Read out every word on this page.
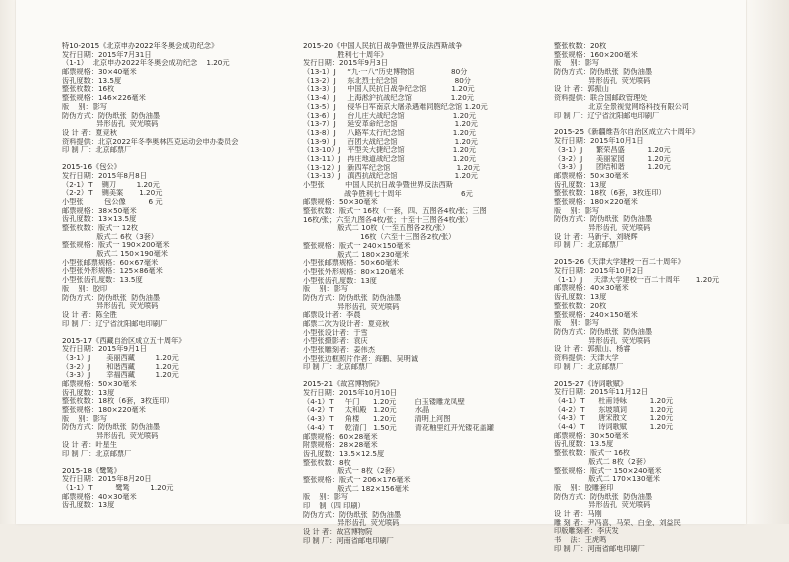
特10-2015《北京申办2022年冬奥会成功纪念》
发行日期：2015年7月31日
（1-1）  北京申办2022年冬奥会成功纪念    1.20元
邮票规格：30×40毫米
齿孔度数：13.5度
整张枚数：16枚
整张规格：146×226毫米
版    别：影写
防伪方式：防伪纸张  防伪油墨
异形齿孔  荧光喷码
设 计 者：夏竞秋
资料提供：北京2022年冬季奥林匹克运动会申办委员会
印 制 厂：北京邮票厂
2015-16《包公》
发行日期：2015年8月8日
（2-1）T    铡刀         1.20元
（2-2）T    铡美案       1.20元
小型张         包公像          6 元
邮票规格：38×50毫米
齿孔度数：13×13.5度
整张枚数：版式一 12枚
版式二 6枚（3套）
整张规格：版式一 190×200毫米
版式二 150×190毫米
小型张邮票规格：60×67毫米
小型张外形规格：125×86毫米
小型张齿孔度数：13.5度
版    别：胶印
防伪方式：防伪纸张  防伪油墨
异形齿孔  荧光喷码
设 计 者：陈全胜
印 制 厂：辽宁省沈阳邮电印刷厂
2015-17《西藏自治区成立五十周年》
发行日期：2015年9月1日
（3-1）J       美丽西藏         1.20元
（3-2）J       和谐西藏         1.20元
（3-3）J       幸福西藏         1.20元
邮票规格：50×30毫米
齿孔度数：13度
整张枚数：18枚（6套，3枚连印）
整张规格：180×220毫米
版    别：影写
防伪方式：防伪纸张  防伪油墨
异形齿孔  荧光喷码
设 计 者：叶星生
印 制 厂：北京邮票厂
2015-18《鹭鸶》
发行日期：2015年8月20日
（1-1）T          鹭鸶         1.20元
邮票规格：40×30毫米
齿孔度数：13度
2015-20《中国人民抗日战争暨世界反法西斯战争
胜利七十周年》
发行日期：2015年9月3日
（13-1）J     “九·一八”历史博物馆                80分
（13-2）J     东北烈士纪念馆                         80分
（13-3）J     中国人民抗日战争纪念馆           1.20元
（13-4）J     上海淞沪抗战纪念馆                 1.20元
（13-5）J     侵华日军南京大屠杀遇难同胞纪念馆 1.20元
（13-6）J     台儿庄大战纪念馆                     1.20元
（13-7）J     延安革命纪念馆                         1.20元
（13-8）J     八路军太行纪念馆                     1.20元
（13-9）J     百团大战纪念馆                         1.20元
（13-10）J   平型关大捷纪念馆                     1.20元
（13-11）J   冉庄地道战纪念馆                     1.20元
（13-12）J   新四军纪念馆                             1.20元
（13-13）J   滇西抗战纪念馆                         1.20元
小型张         中国人民抗日战争暨世界反法西斯
战争胜利七十周年                          6元
邮票规格：50×30毫米
整张枚数：版式一 16枚（一套，四、五图各4枚/张；三图
16枚/张；六至九图各4枚/张；十至十三图各4枚/张）
版式二 10枚（一至五图各2枚/张）
16枚（六至十三图各2枚/张）
整张规格：版式一 240×150毫米
版式二 180×230毫米
小型张邮票规格：50×60毫米
小型张外形规格：80×120毫米
小型张齿孔度数：13度
版    别：影写
防伪方式：防伪纸张  防伪油墨
异形齿孔  荧光喷码
邮票设计者：李晨
邮票二次为设计者：夏竞秋
小型张设计者：于雪
小型张摄影者：袁庆
小型张雕刻者：姜伟杰
小型张边框照片作者：海鹏、吴明诚
印 制 厂：北京邮票厂
2015-21《故宫博物院》
发行日期：2015年10月10日
（4-1）T     午门      1.20元        白玉镂雕龙凤壁
（4-2）T     太和殿   1.20元        水晶
（4-3）T     角楼      1.20元        清明上河图
（4-4）T     乾清门   1.50元        青花釉里红开光镂花盖罐
邮票规格：60×28毫米
附票规格：28×28毫米
齿孔度数：13.5×12.5度
整张枚数：8枚
版式一 8枚（2套）
整张规格：版式一 206×176毫米
版式二 182×156毫米
版    别：影写
印    制（四 印刷）
防伪方式：防伪纸张  防伪油墨
异形齿孔  荧光喷码
设 计 者：故宫博物院
印 制 厂：河南省邮电印刷厂
整张枚数：20枚
整张规格：160×200毫米
版    别：影写
防伪方式：防伪纸张  防伪油墨
异形齿孔  荧光喷码
设 计 者：郭振山
资料提供：联合国邮政管理处
北京全景视觉网络科技有限公司
印 制 厂：辽宁省沈阳邮电印刷厂
2015-25《新疆维吾尔自治区成立六十周年》
发行日期：2015年10月1日
（3-1）J      繁荣昌盛          1.20元
（3-2）J      美丽家园          1.20元
（3-3）J      团结和谐          1.20元
邮票规格：50×30毫米
齿孔度数：13度
整张枚数：18枚（6套，3枚连印）
整张规格：180×220毫米
版    别：影写
防伪方式：防伪纸张  防伪油墨
异形齿孔  荧光喷码
设 计 者：马新宇、刘晓辉
印 制 厂：北京邮票厂
2015-26《天津大学建校一百二十周年》
发行日期：2015年10月2日
（1-1）J     天津大学建校一百二十周年       1.20元
邮票规格：40×30毫米
齿孔度数：13度
整张枚数：20枚
整张规格：240×150毫米
版    别：影写
防伪方式：防伪纸张  防伪油墨
异形齿孔  荧光喷码
设 计 者：郭振山、杨睿
资料提供：天津大学
印 制 厂：北京邮票厂
2015-27《诗词歌赋》
发行日期：2015年11月12日
（4-1）T      杜甫诗咏          1.20元
（4-2）T      东坡填词          1.20元
（4-3）T      唐宋散文          1.20元
（4-4）T      诗词歌赋          1.20元
邮票规格：30×50毫米
齿孔度数：13.5度
整张枚数：版式一 16枚
版式二 8枚（2套）
整张规格：版式一 150×240毫米
版式二 170×130毫米
版    别：胶雕套印
防伪方式：防伪纸张  防伪油墨
异形齿孔  荧光喷码
设 计 者：马刚
雕 刻 者：尹冯喜、马荣、白金、刘益民
印版雕刻者：李庆发
书    法：王虎鸣
印 制 厂：河南省邮电印刷厂
